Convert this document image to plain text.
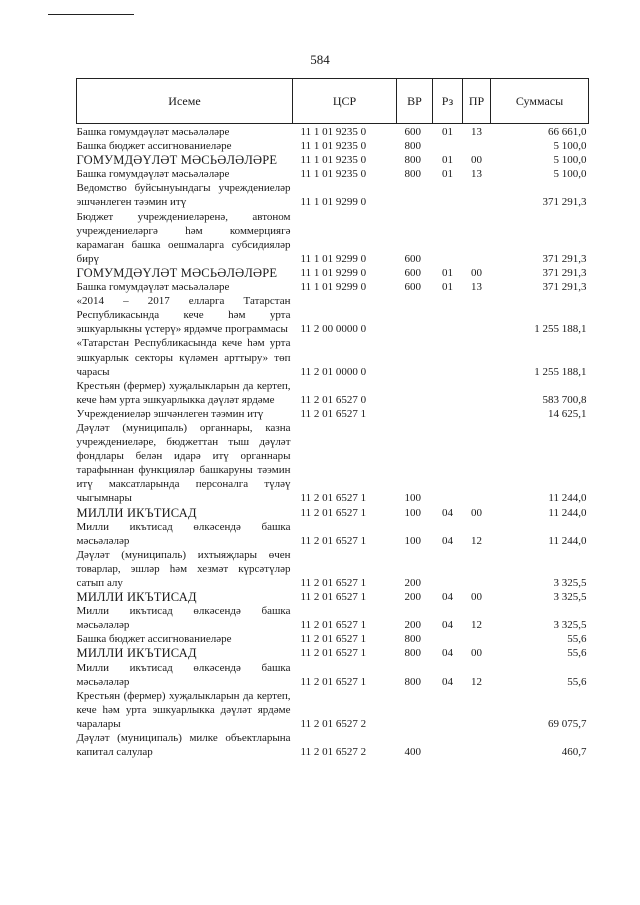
584
Исеме	ЦСР	ВР	Рз	ПР	Суммасы
Башка гомумдәүләт мәсьәләләре	11 1 01 9235 0	600	01	13	66 661,0
Башка бюджет ассигнованиеләре	11 1 01 9235 0	800			5 100,0
ГОМУМДӘҮЛӘТ МӘСЬӘЛӘЛӘРЕ	11 1 01 9235 0	800	01	00	5 100,0
Башка гомумдәүләт мәсьәләләре	11 1 01 9235 0	800	01	13	5 100,0
Ведомство буйсынуындагы учреждениеләр эшчәнлеген тәэмин итү	11 1 01 9299 0				371 291,3
Бюджет учреждениеләренә, автоном учреждениеләргә һәм коммерциягә карамаган башка оешмаларга субсидияләр бирү	11 1 01 9299 0	600			371 291,3
ГОМУМДӘҮЛӘТ МӘСЬӘЛӘЛӘРЕ	11 1 01 9299 0	600	01	00	371 291,3
Башка гомумдәүләт мәсьәләләре	11 1 01 9299 0	600	01	13	371 291,3
«2014 – 2017 елларга Татарстан Республикасында кече һәм урта эшкуарлыкны үстерү» ярдәмче программасы	11 2 00 0000 0				1 255 188,1
«Татарстан Республикасында кече һәм урта эшкуарлык секторы күләмен арттыру» төп чарасы	11 2 01 0000 0				1 255 188,1
Крестьян (фермер) хуҗалыкларын да кертеп, кече һәм урта эшкуарлыкка дәүләт ярдәме	11 2 01 6527 0				583 700,8
Учреждениеләр эшчәнлеген тәэмин итү	11 2 01 6527 1				14 625,1
Дәүләт (муниципаль) органнары, казна учреждениеләре, бюджеттан тыш дәүләт фондлары белән идарә итү органнары тарафыннан функцияләр башкаруны тәэмин итү максатларында персоналга түләү чыгымнары	11 2 01 6527 1	100			11 244,0
МИЛЛИ ИКЪТИСАД	11 2 01 6527 1	100	04	00	11 244,0
Милли икътисад өлкәсендә башка мәсьәләләр	11 2 01 6527 1	100	04	12	11 244,0
Дәүләт (муниципаль) ихтыяҗлары өчен товарлар, эшләр һәм хезмәт күрсәтүләр сатып алу	11 2 01 6527 1	200			3 325,5
МИЛЛИ ИКЪТИСАД	11 2 01 6527 1	200	04	00	3 325,5
Милли икътисад өлкәсендә башка мәсьәләләр	11 2 01 6527 1	200	04	12	3 325,5
Башка бюджет ассигнованиеләре	11 2 01 6527 1	800			55,6
МИЛЛИ ИКЪТИСАД	11 2 01 6527 1	800	04	00	55,6
Милли икътисад өлкәсендә башка мәсьәләләр	11 2 01 6527 1	800	04	12	55,6
Крестьян (фермер) хуҗалыкларын да кертеп, кече һәм урта эшкуарлыкка дәүләт ярдәме чаралары	11 2 01 6527 2				69 075,7
Дәүләт (муниципаль) милке объектларына капитал салулар	11 2 01 6527 2	400			460,7
